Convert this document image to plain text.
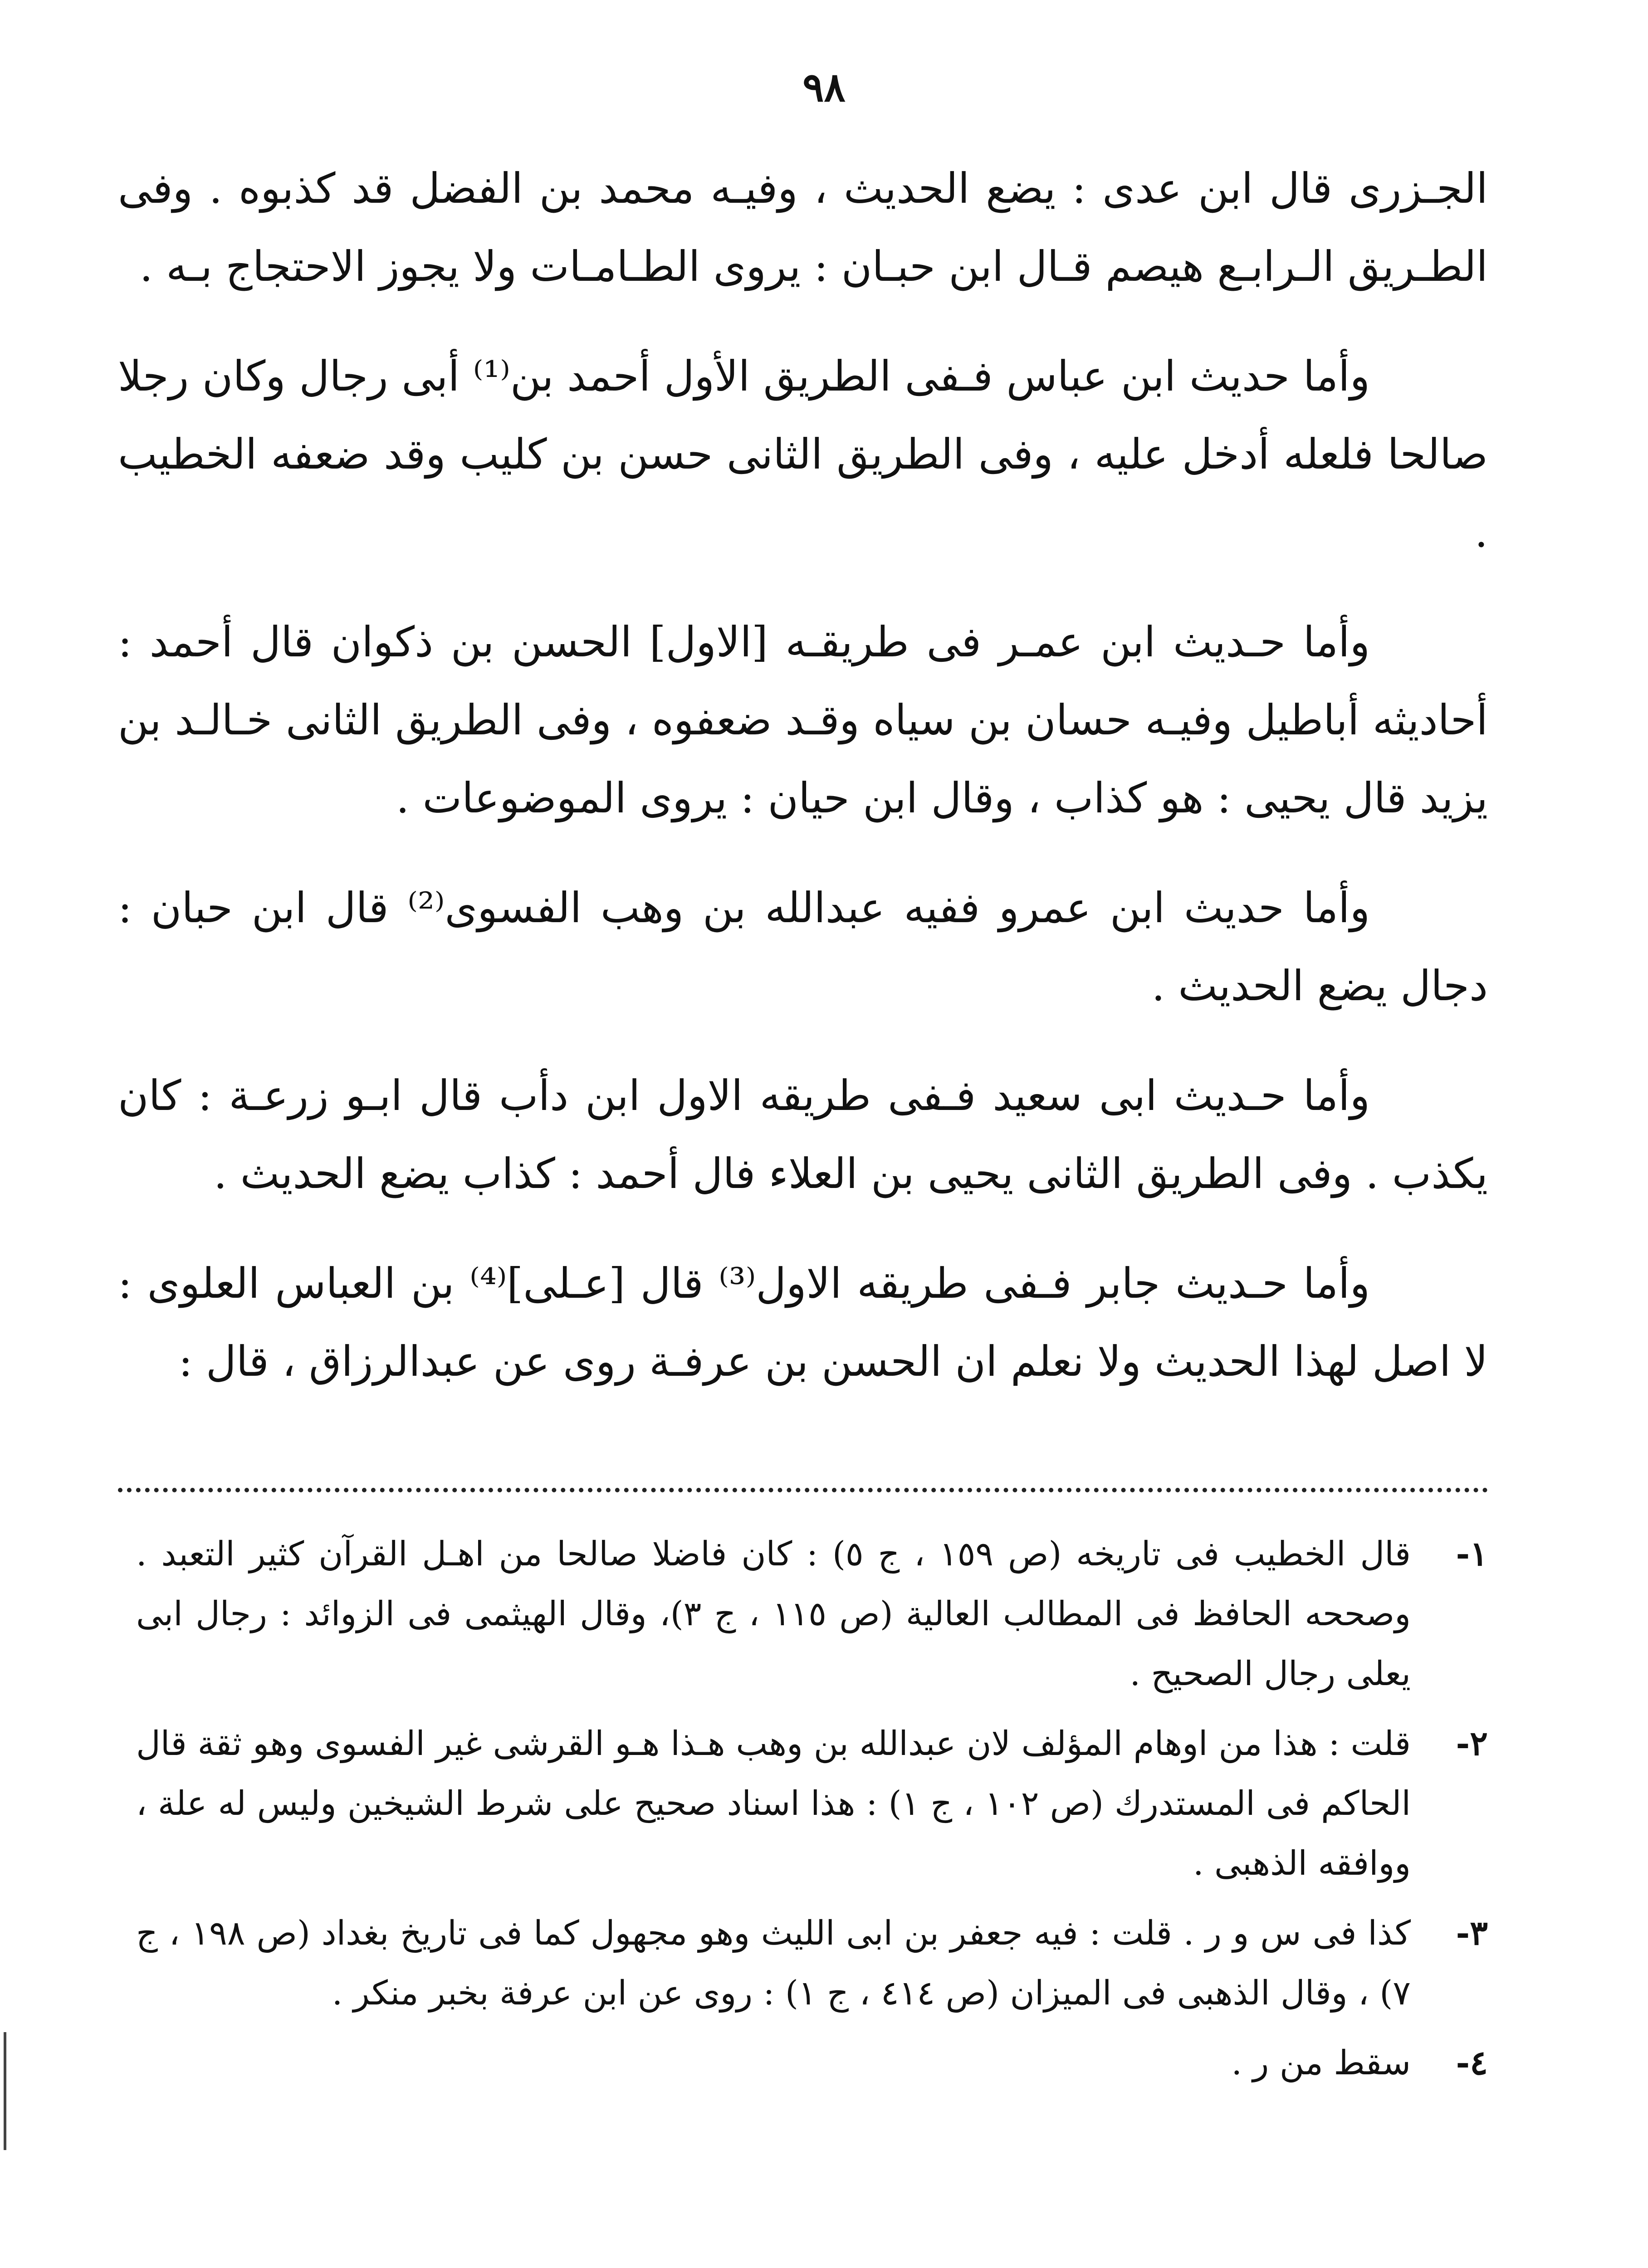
٩٨

الجـزرى قال ابن عدى : يضع الحديث ، وفيـه محمد بن الفضل قد كذبوه . وفى الطـريق الـرابـع هيصم قـال ابن حبـان : يروى الطـامـات ولا يجوز الاحتجاج بـه .

وأما حديث ابن عباس فـفى الطريق الأول أحمد بن⁽¹⁾ أبى رجال وكان رجلا صالحا فلعله أدخل عليه ، وفى الطريق الثانى حسن بن كليب وقد ضعفه الخطيب .

وأما حـديث ابن عمـر فى طريقـه [الاول] الحسن بن ذكوان قال أحمد : أحاديثه أباطيل وفيـه حسان بن سياه وقـد ضعفوه ، وفى الطريق الثانى خـالـد بن يزيد قال يحيى : هو كذاب ، وقال ابن حيان : يروى الموضوعات .

وأما حديث ابن عمرو ففيه عبدالله بن وهب الفسوى⁽²⁾ قال ابن حبان : دجال يضع الحديث .

وأما حـديث ابى سعيد فـفى طريقه الاول ابن دأب قال ابـو زرعـة : كان يكذب . وفى الطريق الثانى يحيى بن العلاء فال أحمد : كذاب يضع الحديث .

وأما حـديث جابر فـفى طريقه الاول⁽³⁾ قال [عـلى]⁽⁴⁾ بن العباس العلوى : لا اصل لهذا الحديث ولا نعلم ان الحسن بن عرفـة روى عن عبدالرزاق ، قال :

١-
قال الخطيب فى تاريخه (ص ١٥٩ ، ج ٥) : كان فاضلا صالحا من اهـل القرآن كثير التعبد . وصححه الحافظ فى المطالب العالية (ص ١١٥ ، ج ٣)، وقال الهيثمى فى الزوائد : رجال ابى يعلى رجال الصحيح .
٢-
قلت : هذا من اوهام المؤلف لان عبدالله بن وهب هـذا هـو القرشى غير الفسوى وهو ثقة قال الحاكم فى المستدرك (ص ١٠٢ ، ج ١) : هذا اسناد صحيح على شرط الشيخين وليس له علة ، ووافقه الذهبى .
٣-
كذا فى س و ر . قلت : فيه جعفر بن ابى الليث وهو مجهول كما فى تاريخ بغداد (ص ١٩٨ ، ج ٧) ، وقال الذهبى فى الميزان (ص ٤١٤ ، ج ١) : روى عن ابن عرفة بخبر منكر .
٤-
سقط من ر .
